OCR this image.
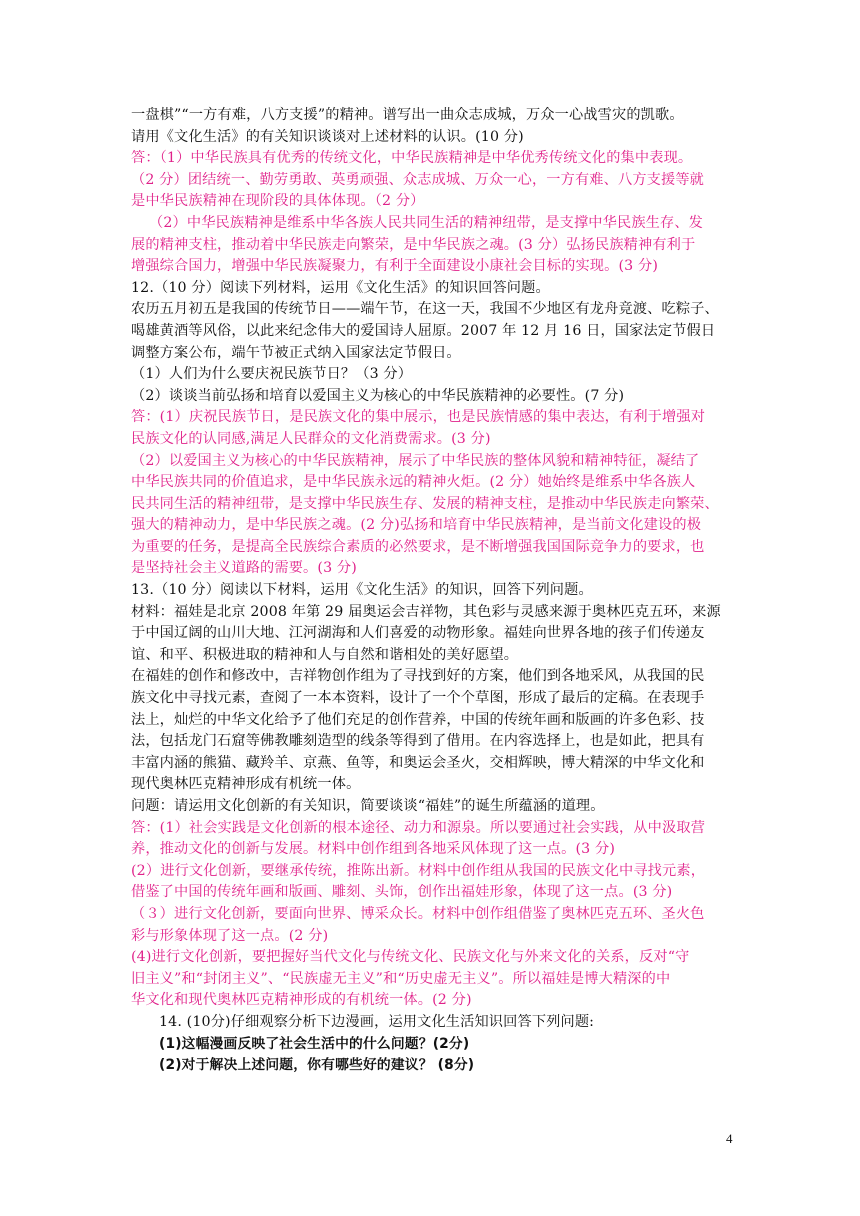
一盘棋”“一方有难，八方支援”的精神。谱写出一曲众志成城，万众一心战雪灾的凯歌。
请用《文化生活》的有关知识谈谈对上述材料的认识。(10 分)
答：（1）中华民族具有优秀的传统文化，中华民族精神是中华优秀传统文化的集中表现。
（2 分）团结统一、勤劳勇敢、英勇顽强、众志成城、万众一心，一方有难、八方支援等就
是中华民族精神在现阶段的具体体现。（2 分）
（2）中华民族精神是维系中华各族人民共同生活的精神纽带，是支撑中华民族生存、发
展的精神支柱，推动着中华民族走向繁荣，是中华民族之魂。(3 分）弘扬民族精神有利于
增强综合国力，增强中华民族凝聚力，有利于全面建设小康社会目标的实现。(3 分)
12.（10 分）阅读下列材料，运用《文化生活》的知识回答问题。
农历五月初五是我国的传统节日——端午节，在这一天，我国不少地区有龙舟竞渡、吃粽子、
喝雄黄酒等风俗，以此来纪念伟大的爱国诗人屈原。2007 年 12 月 16 日，国家法定节假日
调整方案公布，端午节被正式纳入国家法定节假日。
（1）人们为什么要庆祝民族节日？（3 分）
（2）谈谈当前弘扬和培育以爱国主义为核心的中华民族精神的必要性。(7 分)
答：(1）庆祝民族节日，是民族文化的集中展示，也是民族情感的集中表达，有利于增强对
民族文化的认同感,满足人民群众的文化消费需求。(3 分)
（2）以爱国主义为核心的中华民族精神，展示了中华民族的整体风貌和精神特征，凝结了
中华民族共同的价值追求，是中华民族永远的精神火炬。(2 分）她始终是维系中华各族人
民共同生活的精神纽带，是支撑中华民族生存、发展的精神支柱，是推动中华民族走向繁荣、
强大的精神动力，是中华民族之魂。(2 分)弘扬和培育中华民族精神，是当前文化建设的极
为重要的任务，是提高全民族综合素质的必然要求，是不断增强我国国际竞争力的要求，也
是坚持社会主义道路的需要。(3 分)
13.（10 分）阅读以下材料，运用《文化生活》的知识，回答下列问题。
材料：福娃是北京 2008 年第 29 届奥运会吉祥物，其色彩与灵感来源于奥林匹克五环，来源
于中国辽阔的山川大地、江河湖海和人们喜爱的动物形象。福娃向世界各地的孩子们传递友
谊、和平、积极进取的精神和人与自然和谐相处的美好愿望。
在福娃的创作和修改中，吉祥物创作组为了寻找到好的方案，他们到各地采风，从我国的民
族文化中寻找元素，查阅了一本本资料，设计了一个个草图，形成了最后的定稿。在表现手
法上，灿烂的中华文化给予了他们充足的创作营养，中国的传统年画和版画的许多色彩、技
法，包括龙门石窟等佛教雕刻造型的线条等得到了借用。在内容选择上，也是如此，把具有
丰富内涵的熊猫、藏羚羊、京燕、鱼等，和奥运会圣火，交相辉映，博大精深的中华文化和
现代奥林匹克精神形成有机统一体。
问题：请运用文化创新的有关知识，简要谈谈“福娃”的诞生所蕴涵的道理。
答：(1）社会实践是文化创新的根本途径、动力和源泉。所以要通过社会实践，从中汲取营
养，推动文化的创新与发展。材料中创作组到各地采风体现了这一点。(3 分)
(2）进行文化创新，要继承传统，推陈出新。材料中创作组从我国的民族文化中寻找元素，
借鉴了中国的传统年画和版画、雕刻、头饰，创作出福娃形象，体现了这一点。(3 分)
（３）进行文化创新，要面向世界、博采众长。材料中创作组借鉴了奥林匹克五环、圣火色
彩与形象体现了这一点。(2 分)
(4)进行文化创新，要把握好当代文化与传统文化、民族文化与外来文化的关系，反对“守
旧主义”和“封闭主义”、“民族虚无主义”和“历史虚无主义”。所以福娃是博大精深的中
华文化和现代奥林匹克精神形成的有机统一体。(2 分)
14. (10分)仔细观察分析下边漫画，运用文化生活知识回答下列问题:
(1)这幅漫画反映了社会生活中的什么问题？(2分)
(2)对于解决上述问题，你有哪些好的建议？ (8分)
4
